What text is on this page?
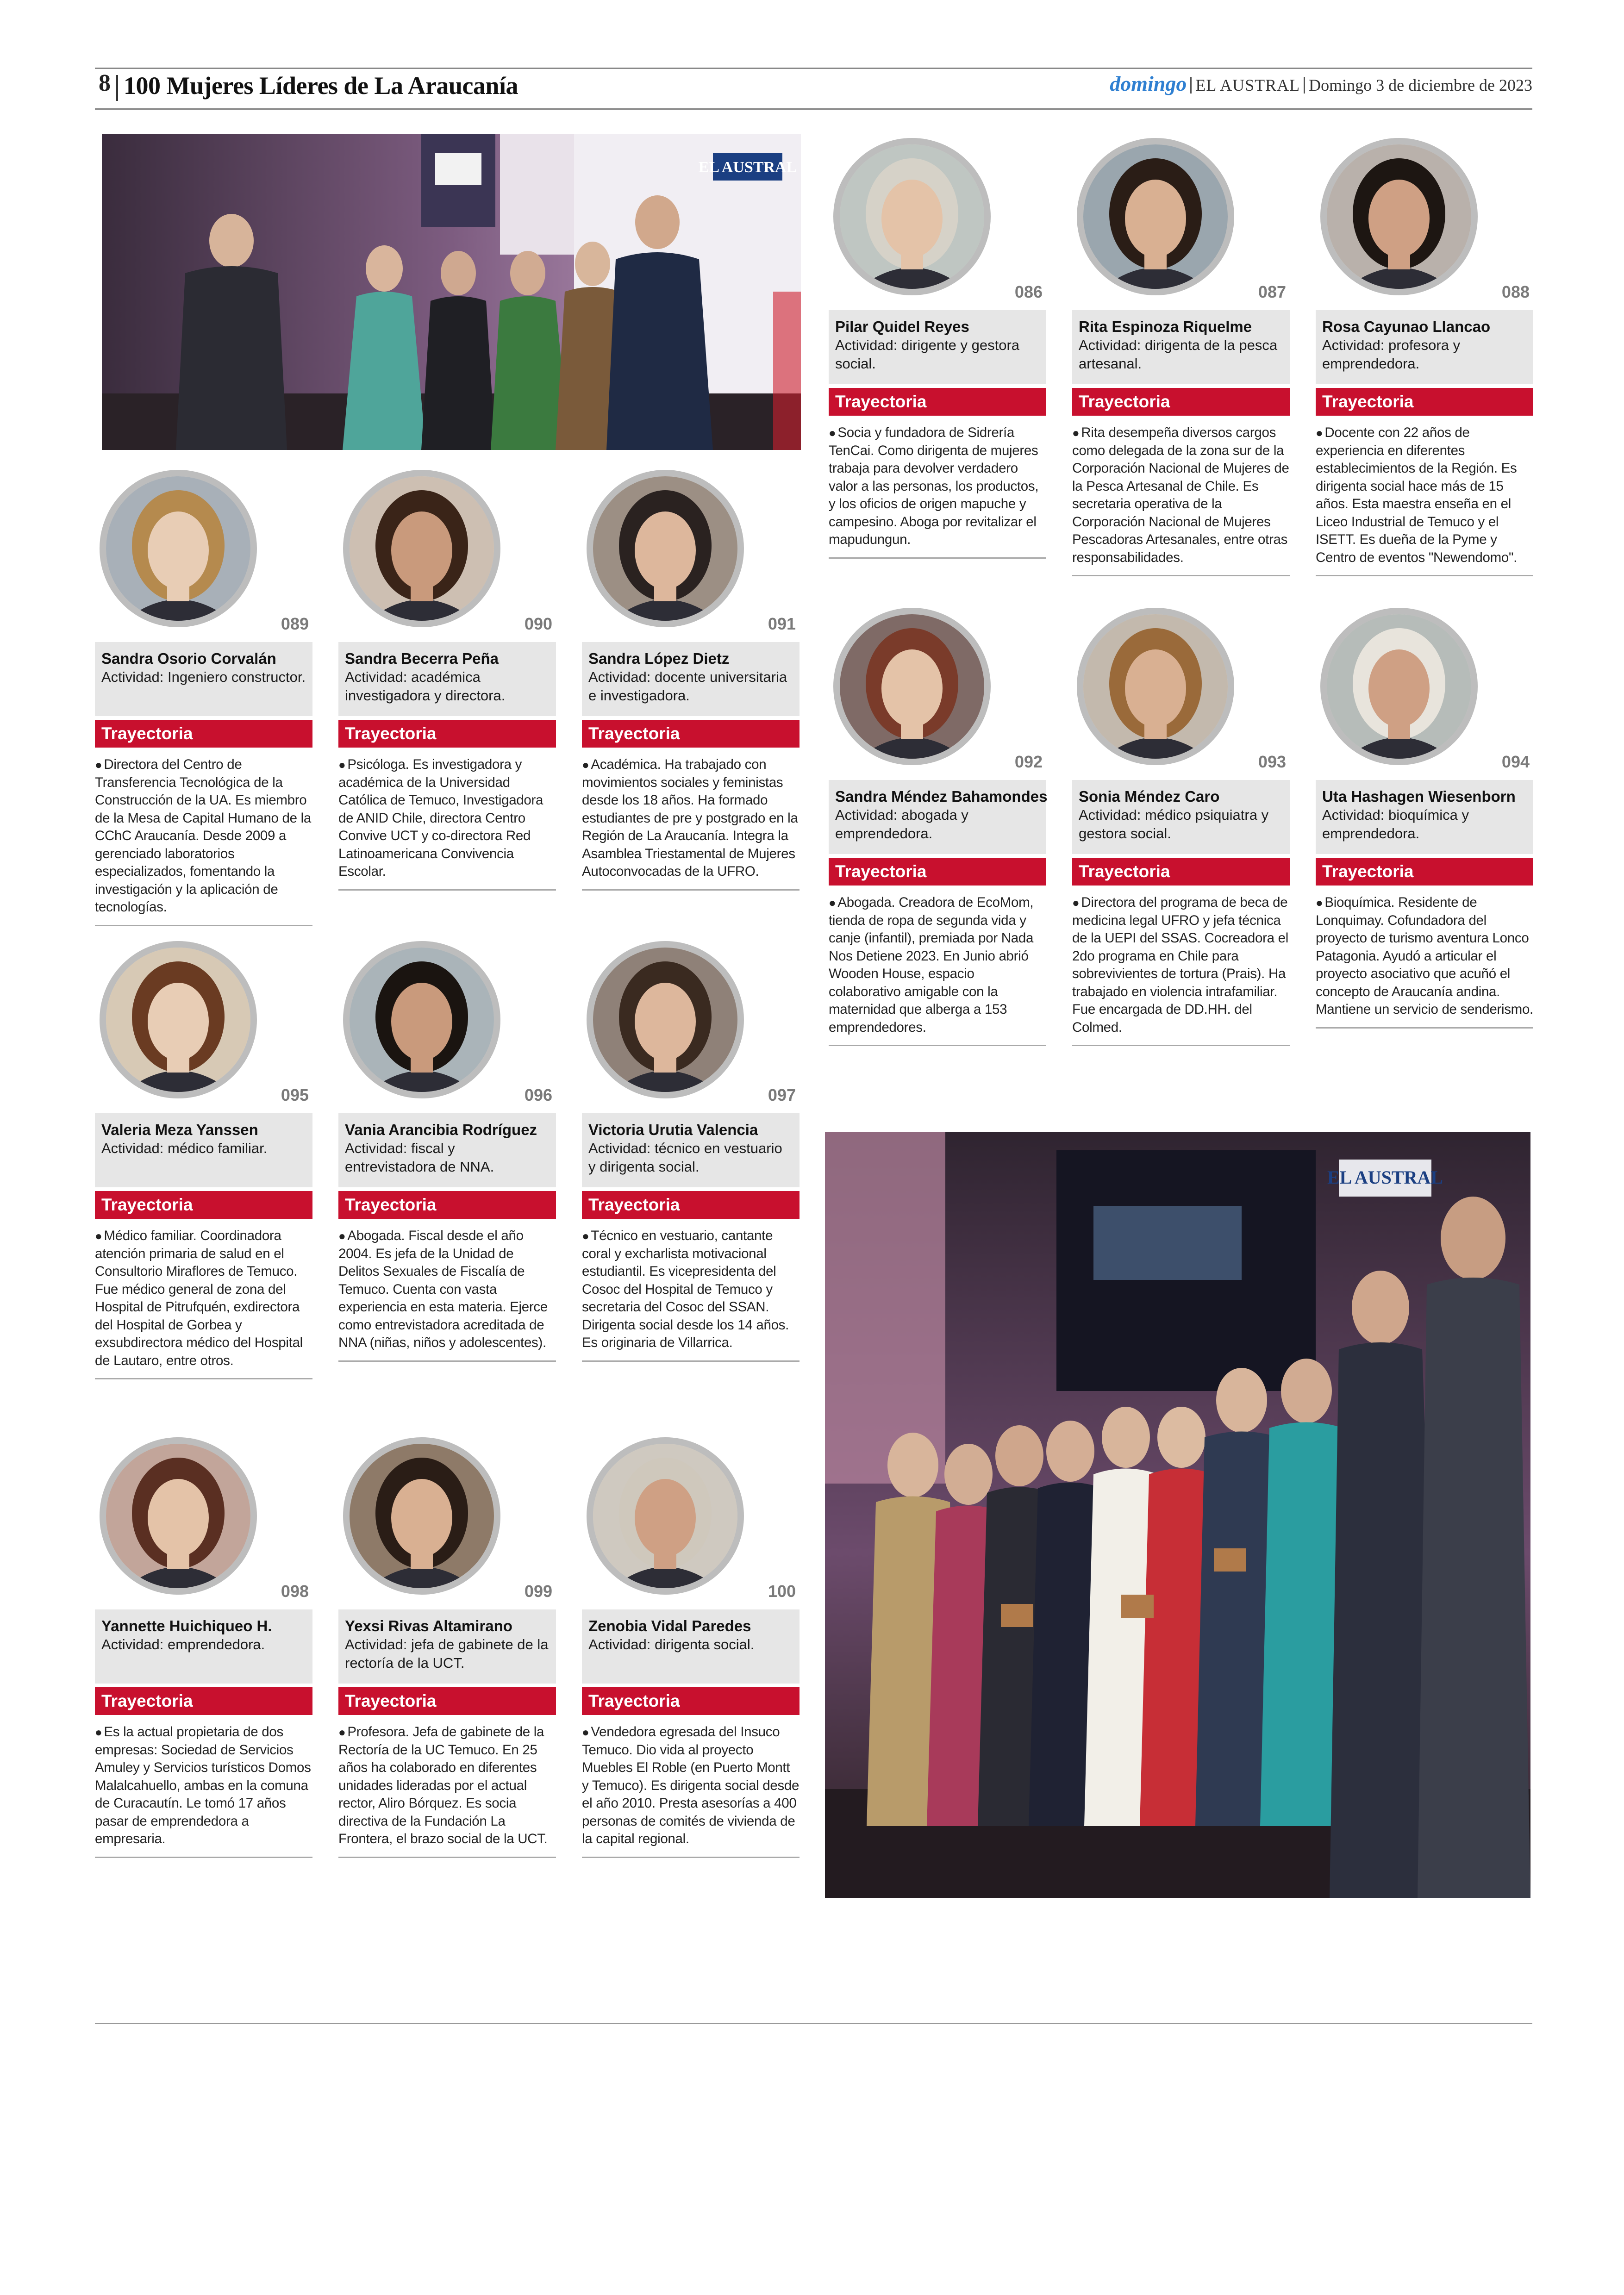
8 100 Mujeres Líderes de La Araucanía	domingo EL AUSTRAL Domingo 3 de diciembre de 2023
EL AUSTRAL
EL AUSTRAL
086
Pilar Quidel Reyes
Actividad: dirigente y gestora social.
Trayectoria
● Socia y fundadora de Sidrería TenCai. Como dirigenta de mujeres trabaja para devolver verdadero valor a las personas, los productos, y los oficios de origen mapuche y campesino. Aboga por revitalizar el mapudungun.
087
Rita Espinoza Riquelme
Actividad: dirigenta de la pesca artesanal.
Trayectoria
● Rita desempeña diversos cargos como delegada de la zona sur de la Corporación Nacional de Mujeres de la Pesca Artesanal de Chile. Es secretaria operativa de la Corporación Nacional de Mujeres Pescadoras Artesanales, entre otras responsabilidades.
088
Rosa Cayunao Llancao
Actividad: profesora y emprendedora.
Trayectoria
● Docente con 22 años de experiencia en diferentes establecimientos de la Región. Es dirigenta social hace más de 15 años. Esta maestra enseña en el Liceo Industrial de Temuco y el ISETT. Es dueña de la Pyme y Centro de eventos "Newendomo".
089
Sandra Osorio Corvalán
Actividad: Ingeniero constructor.
Trayectoria
● Directora del Centro de Transferencia Tecnológica de la Construcción de la UA. Es miembro de la Mesa de Capital Humano de la CChC Araucanía. Desde 2009 a gerenciado laboratorios especializados, fomentando la investigación y la aplicación de tecnologías.
090
Sandra Becerra Peña
Actividad: académica investigadora y directora.
Trayectoria
● Psicóloga. Es investigadora y académica de la Universidad Católica de Temuco, Investigadora de ANID Chile, directora Centro Convive UCT y co-directora Red Latinoamericana Convivencia Escolar.
091
Sandra López Dietz
Actividad: docente universitaria e investigadora.
Trayectoria
● Académica. Ha trabajado con movimientos sociales y feministas desde los 18 años. Ha formado estudiantes de pre y postgrado en la Región de La Araucanía. Integra la Asamblea Triestamental de Mujeres Autoconvocadas de la UFRO.
092
Sandra Méndez Bahamondes
Actividad: abogada y emprendedora.
Trayectoria
● Abogada. Creadora de EcoMom, tienda de ropa de segunda vida y canje (infantil), premiada por Nada Nos Detiene 2023. En Junio abrió Wooden House, espacio colaborativo amigable con la maternidad que alberga a 153 emprendedores.
093
Sonia Méndez Caro
Actividad: médico psiquiatra y gestora social.
Trayectoria
● Directora del programa de beca de medicina legal UFRO y jefa técnica de la UEPI del SSAS. Cocreadora el 2do programa en Chile para sobrevivientes de tortura (Prais). Ha trabajado en violencia intrafamiliar. Fue encargada de DD.HH. del Colmed.
094
Uta Hashagen Wiesenborn
Actividad: bioquímica y emprendedora.
Trayectoria
● Bioquímica. Residente de Lonquimay. Cofundadora del proyecto de turismo aventura Lonco Patagonia. Ayudó a articular el proyecto asociativo que acuñó el concepto de Araucanía andina. Mantiene un servicio de senderismo.
095
Valeria Meza Yanssen
Actividad: médico familiar.
Trayectoria
● Médico familiar. Coordinadora atención primaria de salud en el Consultorio Miraflores de Temuco. Fue médico general de zona del Hospital de Pitrufquén, exdirectora del Hospital de Gorbea y exsubdirectora médico del Hospital de Lautaro, entre otros.
096
Vania Arancibia Rodríguez
Actividad: fiscal y entrevistadora de NNA.
Trayectoria
● Abogada. Fiscal desde el año 2004. Es jefa de la Unidad de Delitos Sexuales de Fiscalía de Temuco. Cuenta con vasta experiencia en esta materia. Ejerce como entrevistadora acreditada de NNA (niñas, niños y adolescentes).
097
Victoria Urutia Valencia
Actividad: técnico en vestuario y dirigenta social.
Trayectoria
● Técnico en vestuario, cantante coral y excharlista motivacional estudiantil. Es vicepresidenta del Cosoc del Hospital de Temuco y secretaria del Cosoc del SSAN. Dirigenta social desde los 14 años. Es originaria de Villarrica.
098
Yannette Huichiqueo H.
Actividad: emprendedora.
Trayectoria
● Es la actual propietaria de dos empresas: Sociedad de Servicios Amuley y Servicios turísticos Domos Malalcahuello, ambas en la comuna de Curacautín. Le tomó 17 años pasar de emprendedora a empresaria.
099
Yexsi Rivas Altamirano
Actividad: jefa de gabinete de la rectoría de la UCT.
Trayectoria
● Profesora. Jefa de gabinete de la Rectoría de la UC Temuco. En 25 años ha colaborado en diferentes unidades lideradas por el actual rector, Aliro Bórquez. Es socia directiva de la Fundación La Frontera, el brazo social de la UCT.
100
Zenobia Vidal Paredes
Actividad: dirigenta social.
Trayectoria
● Vendedora egresada del Insuco Temuco. Dio vida al proyecto Muebles El Roble (en Puerto Montt y Temuco). Es dirigenta social desde el año 2010. Presta asesorías a 400 personas de comités de vivienda de la capital regional.
